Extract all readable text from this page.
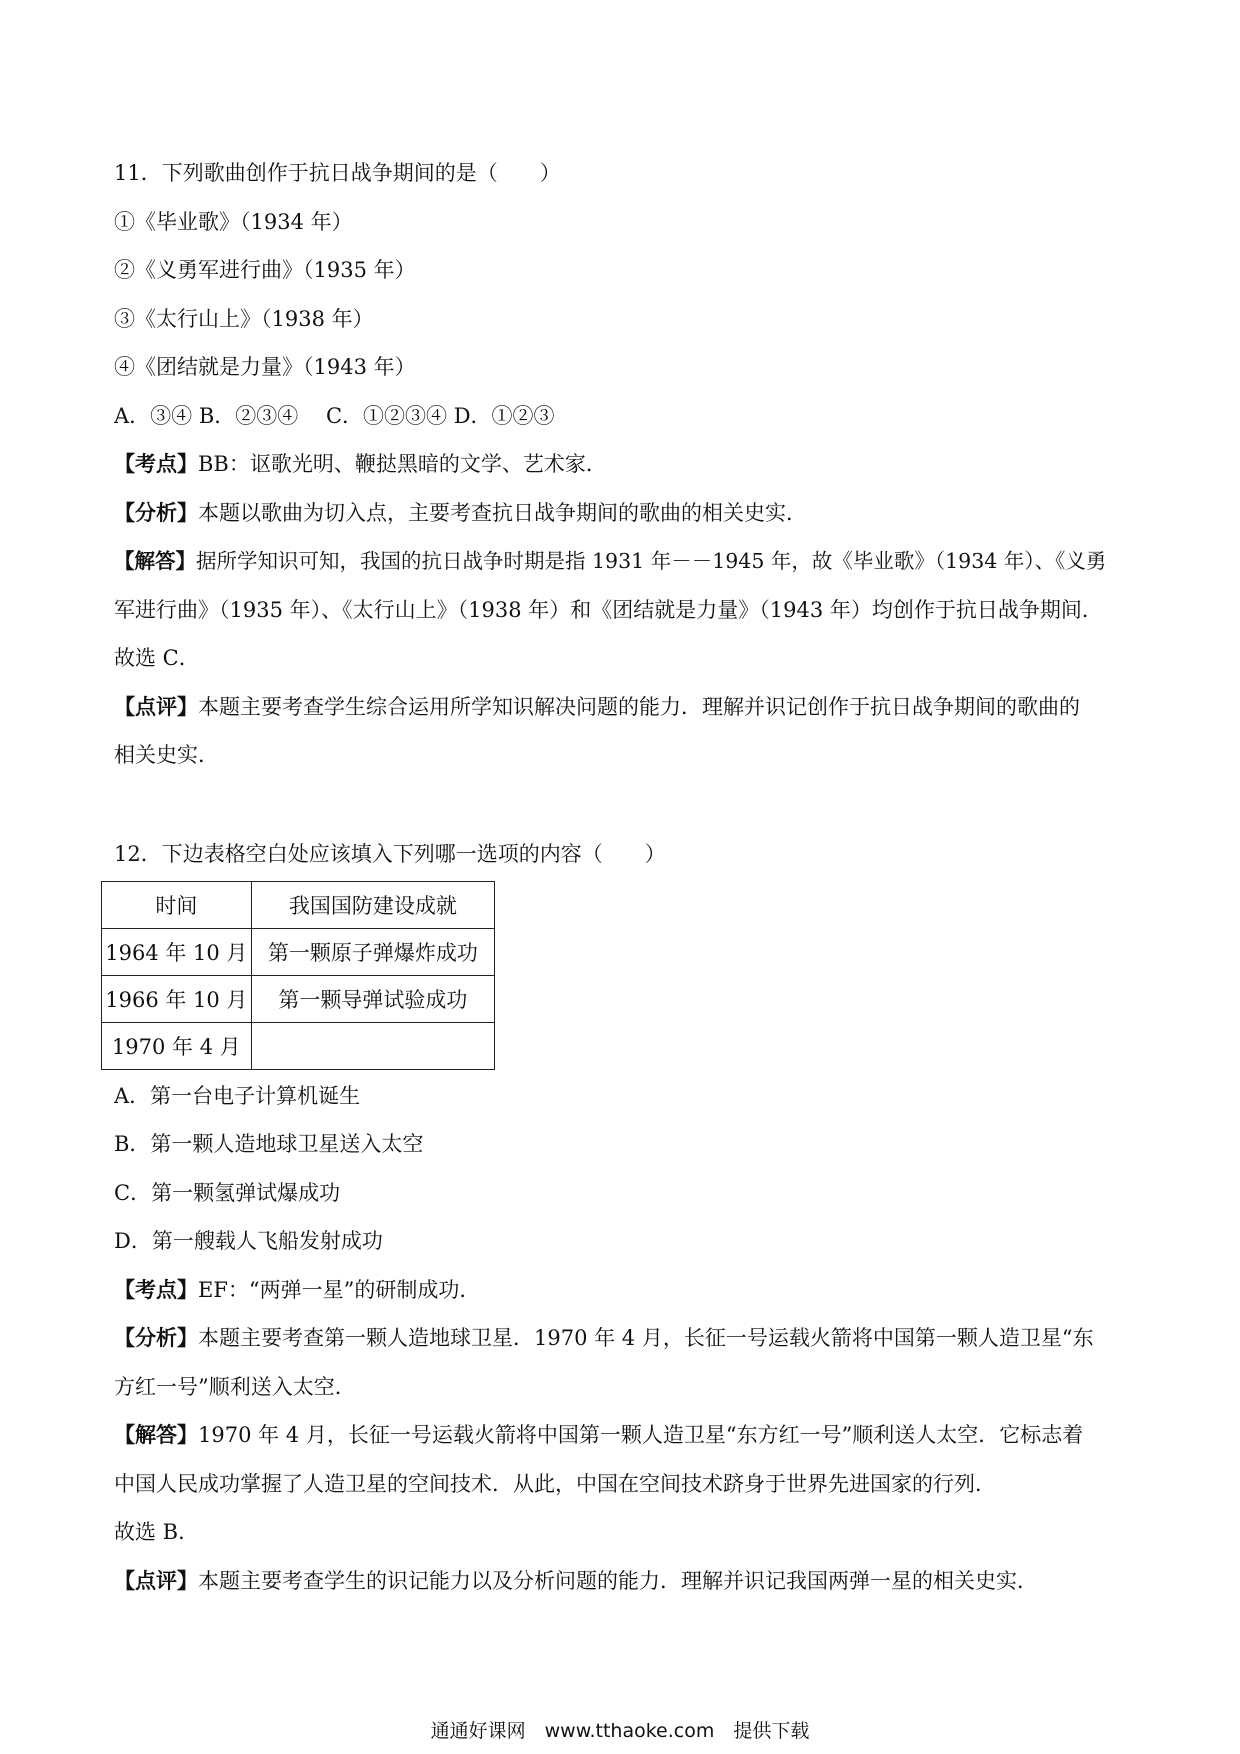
11．下列歌曲创作于抗日战争期间的是（　　）
①《毕业歌》（1934 年）
②《义勇军进行曲》（1935 年）
③《太行山上》（1938 年）
④《团结就是力量》（1943 年）
A．③④ B．②③④　 C．①②③④ D．①②③
【考点】BB：讴歌光明、鞭挞黑暗的文学、艺术家．
【分析】本题以歌曲为切入点，主要考查抗日战争期间的歌曲的相关史实．
【解答】据所学知识可知，我国的抗日战争时期是指 1931 年－－1945 年，故《毕业歌》（1934 年）、《义勇
军进行曲》（1935 年）、《太行山上》（1938 年）和《团结就是力量》（1943 年）均创作于抗日战争期间．
故选 C．
【点评】本题主要考查学生综合运用所学知识解决问题的能力．理解并识记创作于抗日战争期间的歌曲的
相关史实．
12．下边表格空白处应该填入下列哪一选项的内容（　　）
时间	我国国防建设成就
1964 年 10 月	第一颗原子弹爆炸成功
1966 年 10 月	第一颗导弹试验成功
1970 年 4 月	
A．第一台电子计算机诞生
B．第一颗人造地球卫星送入太空
C．第一颗氢弹试爆成功
D．第一艘载人飞船发射成功
【考点】EF：“两弹一星”的研制成功．
【分析】本题主要考查第一颗人造地球卫星．1970 年 4 月，长征一号运载火箭将中国第一颗人造卫星“东
方红一号”顺利送入太空．
【解答】1970 年 4 月，长征一号运载火箭将中国第一颗人造卫星“东方红一号”顺利送人太空．它标志着
中国人民成功掌握了人造卫星的空间技术．从此，中国在空间技术跻身于世界先进国家的行列．
故选 B．
【点评】本题主要考查学生的识记能力以及分析问题的能力．理解并识记我国两弹一星的相关史实．
通通好课网　www.tthaoke.com　提供下载
